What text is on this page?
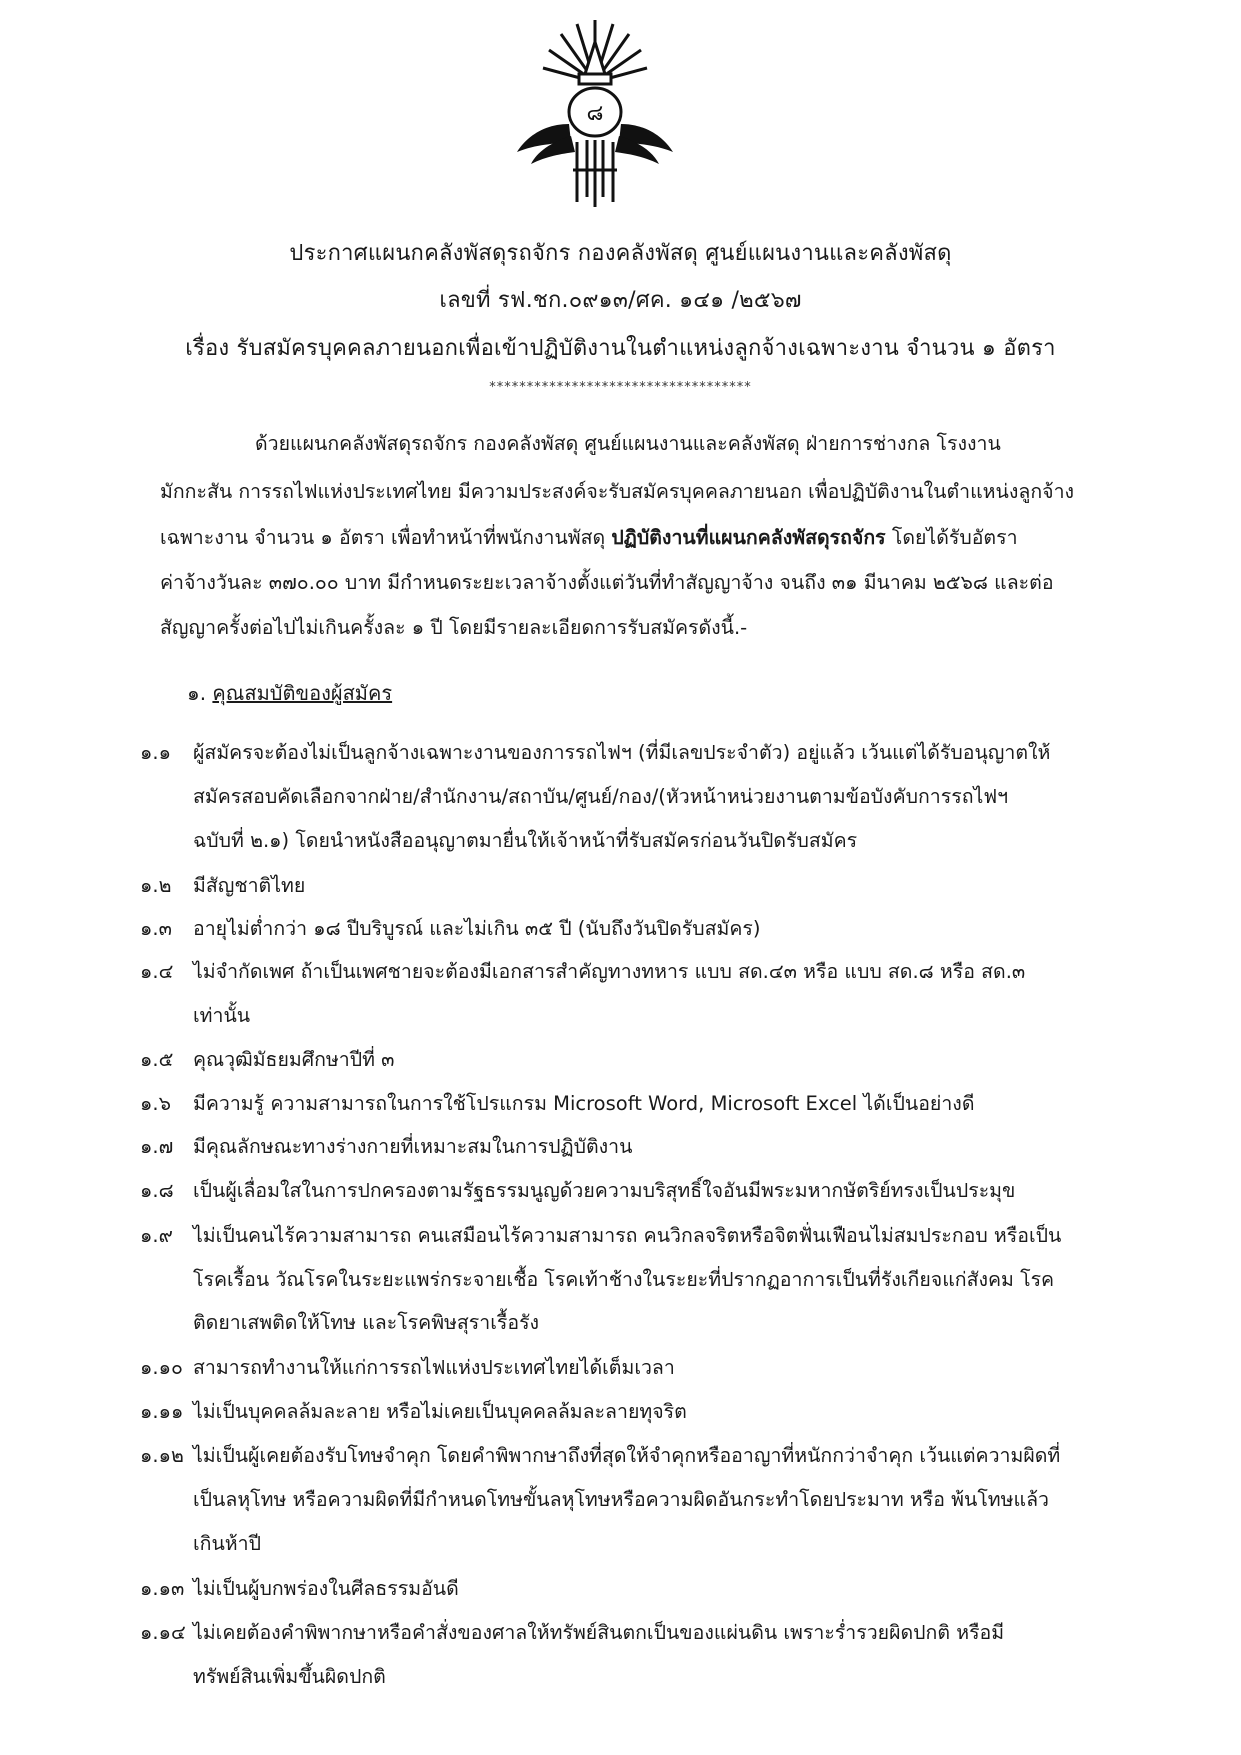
๘
ประกาศแผนกคลังพัสดุรถจักร กองคลังพัสดุ ศูนย์แผนงานและคลังพัสดุ
เลขที่ รฟ.ชก.๐๙๑๓/ศค. ๑๔๑ /๒๕๖๗
เรื่อง รับสมัครบุคคลภายนอกเพื่อเข้าปฏิบัติงานในตำแหน่งลูกจ้างเฉพาะงาน จำนวน ๑ อัตรา
***********************************
ด้วยแผนกคลังพัสดุรถจักร กองคลังพัสดุ ศูนย์แผนงานและคลังพัสดุ ฝ่ายการช่างกล โรงงาน
มักกะสัน การรถไฟแห่งประเทศไทย มีความประสงค์จะรับสมัครบุคคลภายนอก เพื่อปฏิบัติงานในตำแหน่งลูกจ้าง
เฉพาะงาน จำนวน ๑ อัตรา เพื่อทำหน้าที่พนักงานพัสดุ ปฏิบัติงานที่แผนกคลังพัสดุรถจักร โดยได้รับอัตรา
ค่าจ้างวันละ ๓๗๐.๐๐ บาท มีกำหนดระยะเวลาจ้างตั้งแต่วันที่ทำสัญญาจ้าง จนถึง ๓๑ มีนาคม ๒๕๖๘ และต่อ
สัญญาครั้งต่อไปไม่เกินครั้งละ ๑ ปี โดยมีรายละเอียดการรับสมัครดังนี้.-
๑. คุณสมบัติของผู้สมัคร
๑.๑ ผู้สมัครจะต้องไม่เป็นลูกจ้างเฉพาะงานของการรถไฟฯ (ที่มีเลขประจำตัว) อยู่แล้ว เว้นแต่ได้รับอนุญาตให้
สมัครสอบคัดเลือกจากฝ่าย/สำนักงาน/สถาบัน/ศูนย์/กอง/(หัวหน้าหน่วยงานตามข้อบังคับการรถไฟฯ
ฉบับที่ ๒.๑) โดยนำหนังสืออนุญาตมายื่นให้เจ้าหน้าที่รับสมัครก่อนวันปิดรับสมัคร
๑.๒ มีสัญชาติไทย
๑.๓ อายุไม่ต่ำกว่า ๑๘ ปีบริบูรณ์ และไม่เกิน ๓๕ ปี (นับถึงวันปิดรับสมัคร)
๑.๔ ไม่จำกัดเพศ ถ้าเป็นเพศชายจะต้องมีเอกสารสำคัญทางทหาร แบบ สด.๔๓ หรือ แบบ สด.๘ หรือ สด.๓
เท่านั้น
๑.๕ คุณวุฒิมัธยมศึกษาปีที่ ๓
๑.๖ มีความรู้ ความสามารถในการใช้โปรแกรม Microsoft Word, Microsoft Excel ได้เป็นอย่างดี
๑.๗ มีคุณลักษณะทางร่างกายที่เหมาะสมในการปฏิบัติงาน
๑.๘ เป็นผู้เลื่อมใสในการปกครองตามรัฐธรรมนูญด้วยความบริสุทธิ์ใจอันมีพระมหากษัตริย์ทรงเป็นประมุข
๑.๙ ไม่เป็นคนไร้ความสามารถ คนเสมือนไร้ความสามารถ คนวิกลจริตหรือจิตฟั่นเฟือนไม่สมประกอบ หรือเป็น
โรคเรื้อน วัณโรคในระยะแพร่กระจายเชื้อ โรคเท้าช้างในระยะที่ปรากฏอาการเป็นที่รังเกียจแก่สังคม โรค
ติดยาเสพติดให้โทษ และโรคพิษสุราเรื้อรัง
๑.๑๐ สามารถทำงานให้แก่การรถไฟแห่งประเทศไทยได้เต็มเวลา
๑.๑๑ ไม่เป็นบุคคลล้มละลาย หรือไม่เคยเป็นบุคคลล้มละลายทุจริต
๑.๑๒ ไม่เป็นผู้เคยต้องรับโทษจำคุก โดยคำพิพากษาถึงที่สุดให้จำคุกหรืออาญาที่หนักกว่าจำคุก เว้นแต่ความผิดที่
เป็นลหุโทษ หรือความผิดที่มีกำหนดโทษขั้นลหุโทษหรือความผิดอันกระทำโดยประมาท หรือ พ้นโทษแล้ว
เกินห้าปี
๑.๑๓ ไม่เป็นผู้บกพร่องในศีลธรรมอันดี
๑.๑๔ ไม่เคยต้องคำพิพากษาหรือคำสั่งของศาลให้ทรัพย์สินตกเป็นของแผ่นดิน เพราะร่ำรวยผิดปกติ หรือมี
ทรัพย์สินเพิ่มขึ้นผิดปกติ
